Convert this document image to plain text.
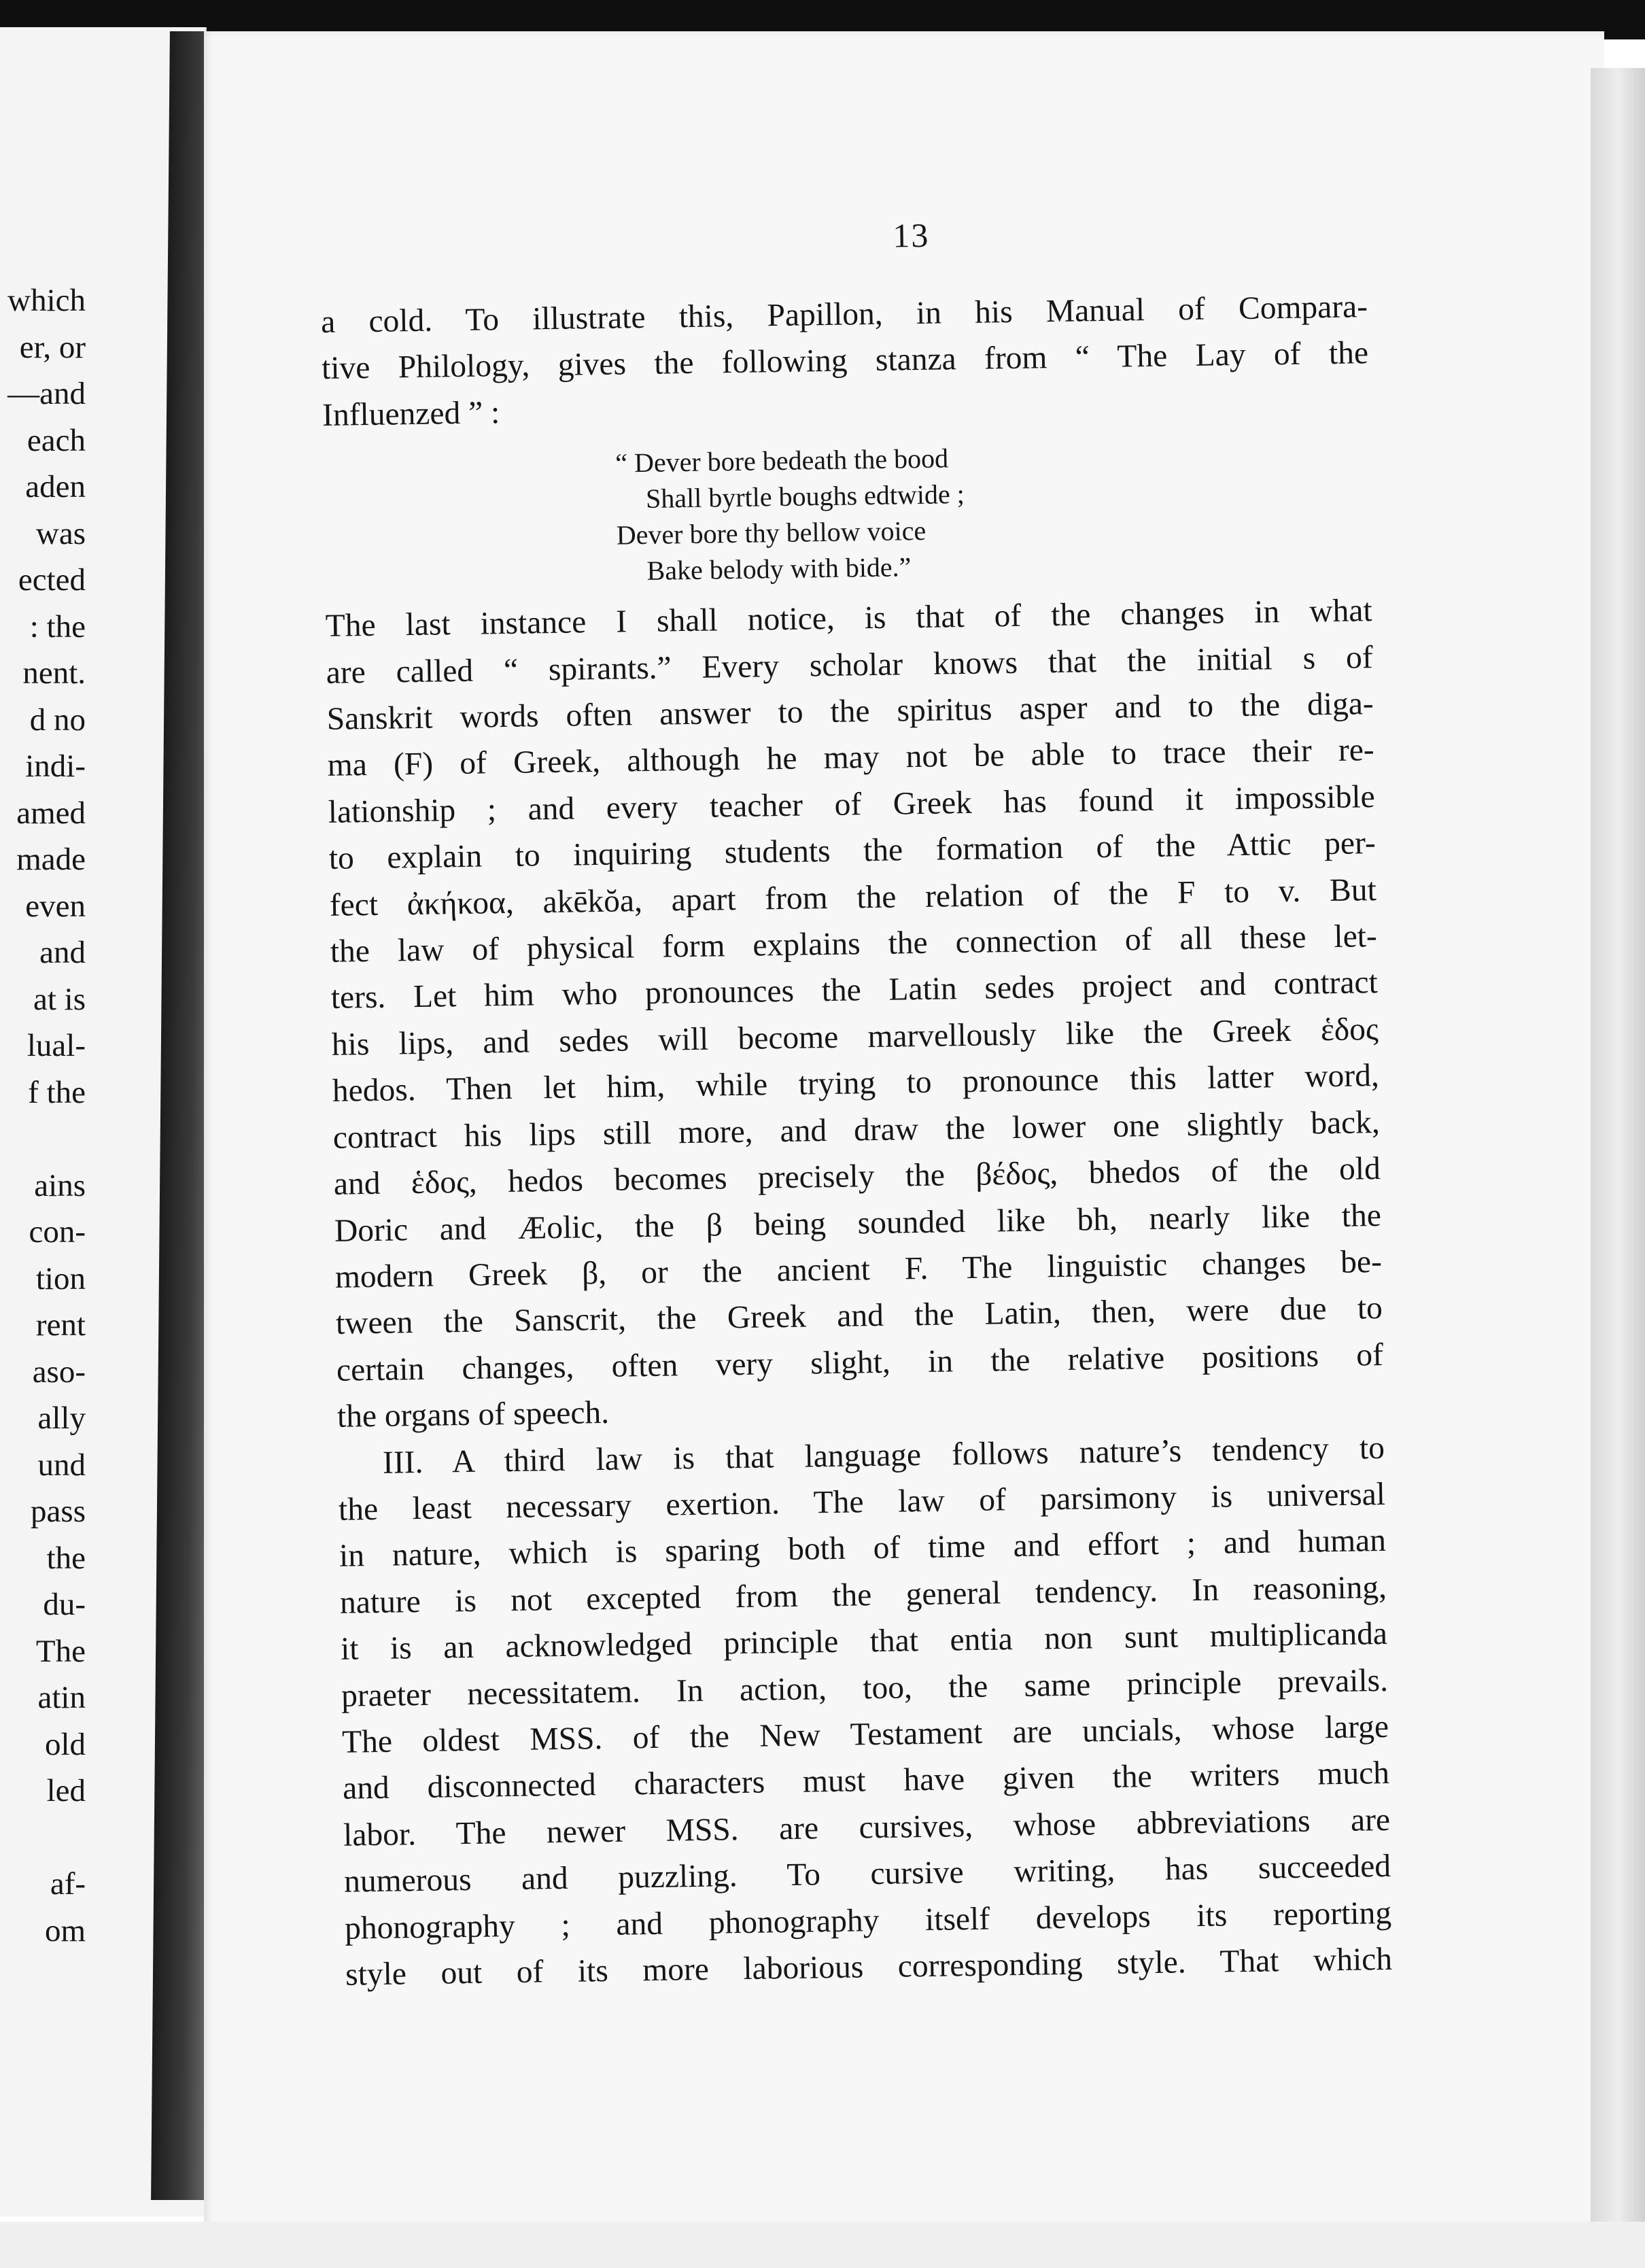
which
er, or
—and
each
aden
was
ected
: the
nent.
d no
indi-
amed
made
even
and
at is
lual-
f the
ains
con-
tion
rent
aso-
ally
und
pass
the
du-
The
atin
old
led
af-
om
13
a cold. To illustrate this, Papillon, in his Manual of Compara-
tive Philology, gives the following stanza from “ The Lay of the
Influenzed ” :
“ Dever bore bedeath the bood
Shall byrtle boughs edtwide ;
Dever bore thy bellow voice
Bake belody with bide.”
The last instance I shall notice, is that of the changes in what
are called “ spirants.” Every scholar knows that the initial s of
Sanskrit words often answer to the spiritus asper and to the diga-
ma (F) of Greek, although he may not be able to trace their re-
lationship ; and every teacher of Greek has found it impossible
to explain to inquiring students the formation of the Attic per-
fect ἀκήκοα, akēkŏa, apart from the relation of the F to v. But
the law of physical form explains the connection of all these let-
ters. Let him who pronounces the Latin sedes project and contract
his lips, and sedes will become marvellously like the Greek ἑδος
hedos. Then let him, while trying to pronounce this latter word,
contract his lips still more, and draw the lower one slightly back,
and ἑδος, hedos becomes precisely the βέδος, bhedos of the old
Doric and Æolic, the β being sounded like bh, nearly like the
modern Greek β, or the ancient F. The linguistic changes be-
tween the Sanscrit, the Greek and the Latin, then, were due to
certain changes, often very slight, in the relative positions of
the organs of speech.
III. A third law is that language follows nature’s tendency to
the least necessary exertion. The law of parsimony is universal
in nature, which is sparing both of time and effort ; and human
nature is not excepted from the general tendency. In reasoning,
it is an acknowledged principle that entia non sunt multiplicanda
praeter necessitatem. In action, too, the same principle prevails.
The oldest MSS. of the New Testament are uncials, whose large
and disconnected characters must have given the writers much
labor. The newer MSS. are cursives, whose abbreviations are
numerous and puzzling. To cursive writing, has succeeded
phonography ; and phonography itself develops its reporting
style out of its more laborious corresponding style. That which
